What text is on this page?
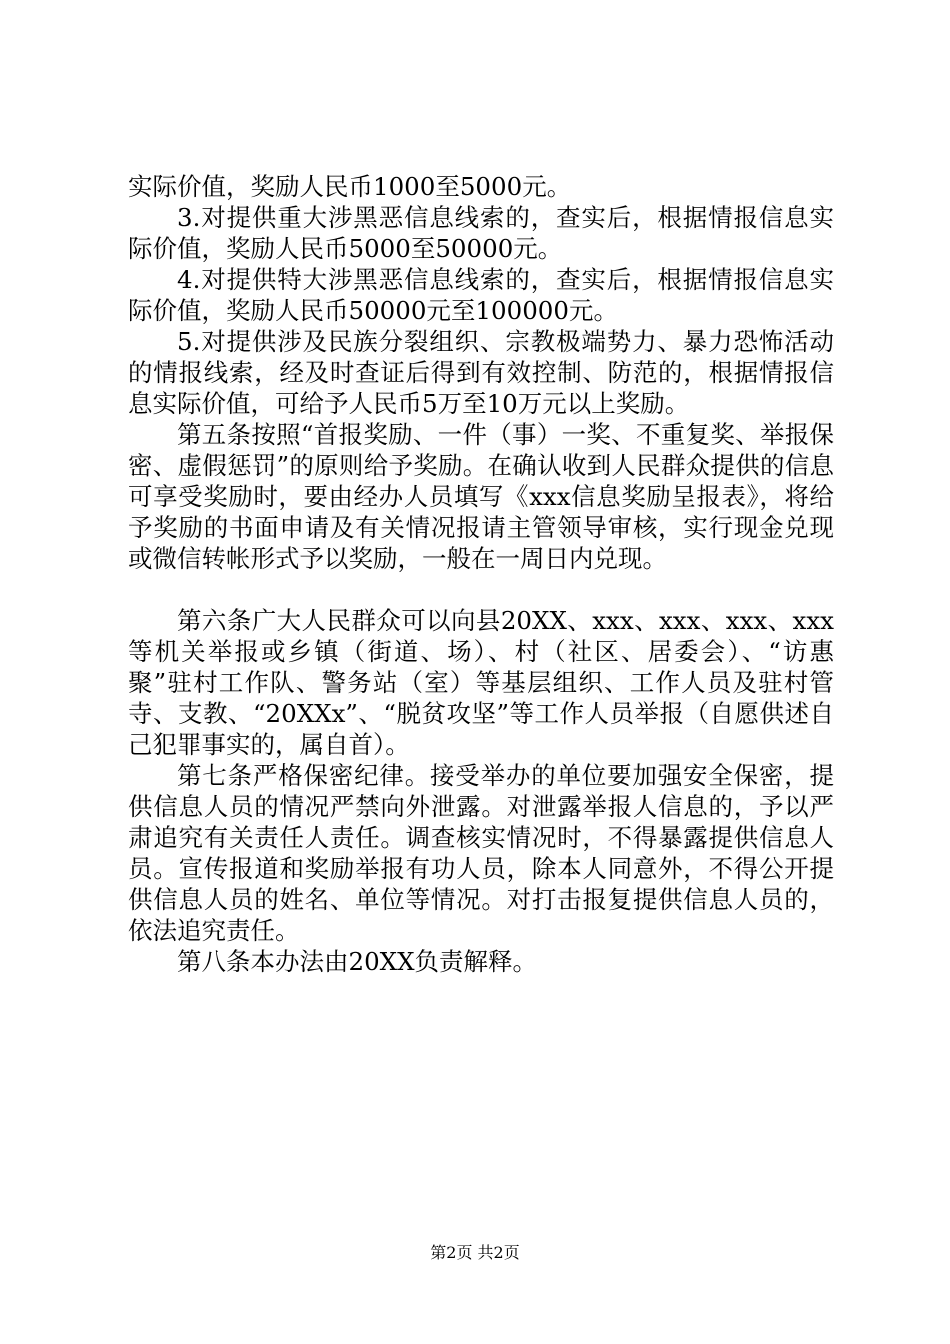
实际价值，奖励人民币1000至5000元。

3.对提供重大涉黑恶信息线索的，查实后，根据情报信息实际价值，奖励人民币5000至50000元。

4.对提供特大涉黑恶信息线索的，查实后，根据情报信息实际价值，奖励人民币50000元至100000元。

5.对提供涉及民族分裂组织、宗教极端势力、暴力恐怖活动的情报线索，经及时查证后得到有效控制、防范的，根据情报信息实际价值，可给予人民币5万至10万元以上奖励。

第五条按照“首报奖励、一件（事）一奖、不重复奖、举报保密、虚假惩罚”的原则给予奖励。在确认收到人民群众提供的信息可享受奖励时，要由经办人员填写《xxx信息奖励呈报表》，将给予奖励的书面申请及有关情况报请主管领导审核，实行现金兑现或微信转帐形式予以奖励，一般在一周日内兑现。

第六条广大人民群众可以向县20XX、xxx、xxx、xxx、xxx等机关举报或乡镇（街道、场）、村（社区、居委会）、“访惠聚”驻村工作队、警务站（室）等基层组织、工作人员及驻村管寺、支教、“20XXx”、“脱贫攻坚”等工作人员举报（自愿供述自己犯罪事实的，属自首）。

第七条严格保密纪律。接受举办的单位要加强安全保密，提供信息人员的情况严禁向外泄露。对泄露举报人信息的，予以严肃追究有关责任人责任。调查核实情况时，不得暴露提供信息人员。宣传报道和奖励举报有功人员，除本人同意外，不得公开提供信息人员的姓名、单位等情况。对打击报复提供信息人员的，依法追究责任。

第八条本办法由20XX负责解释。

第2页 共2页
